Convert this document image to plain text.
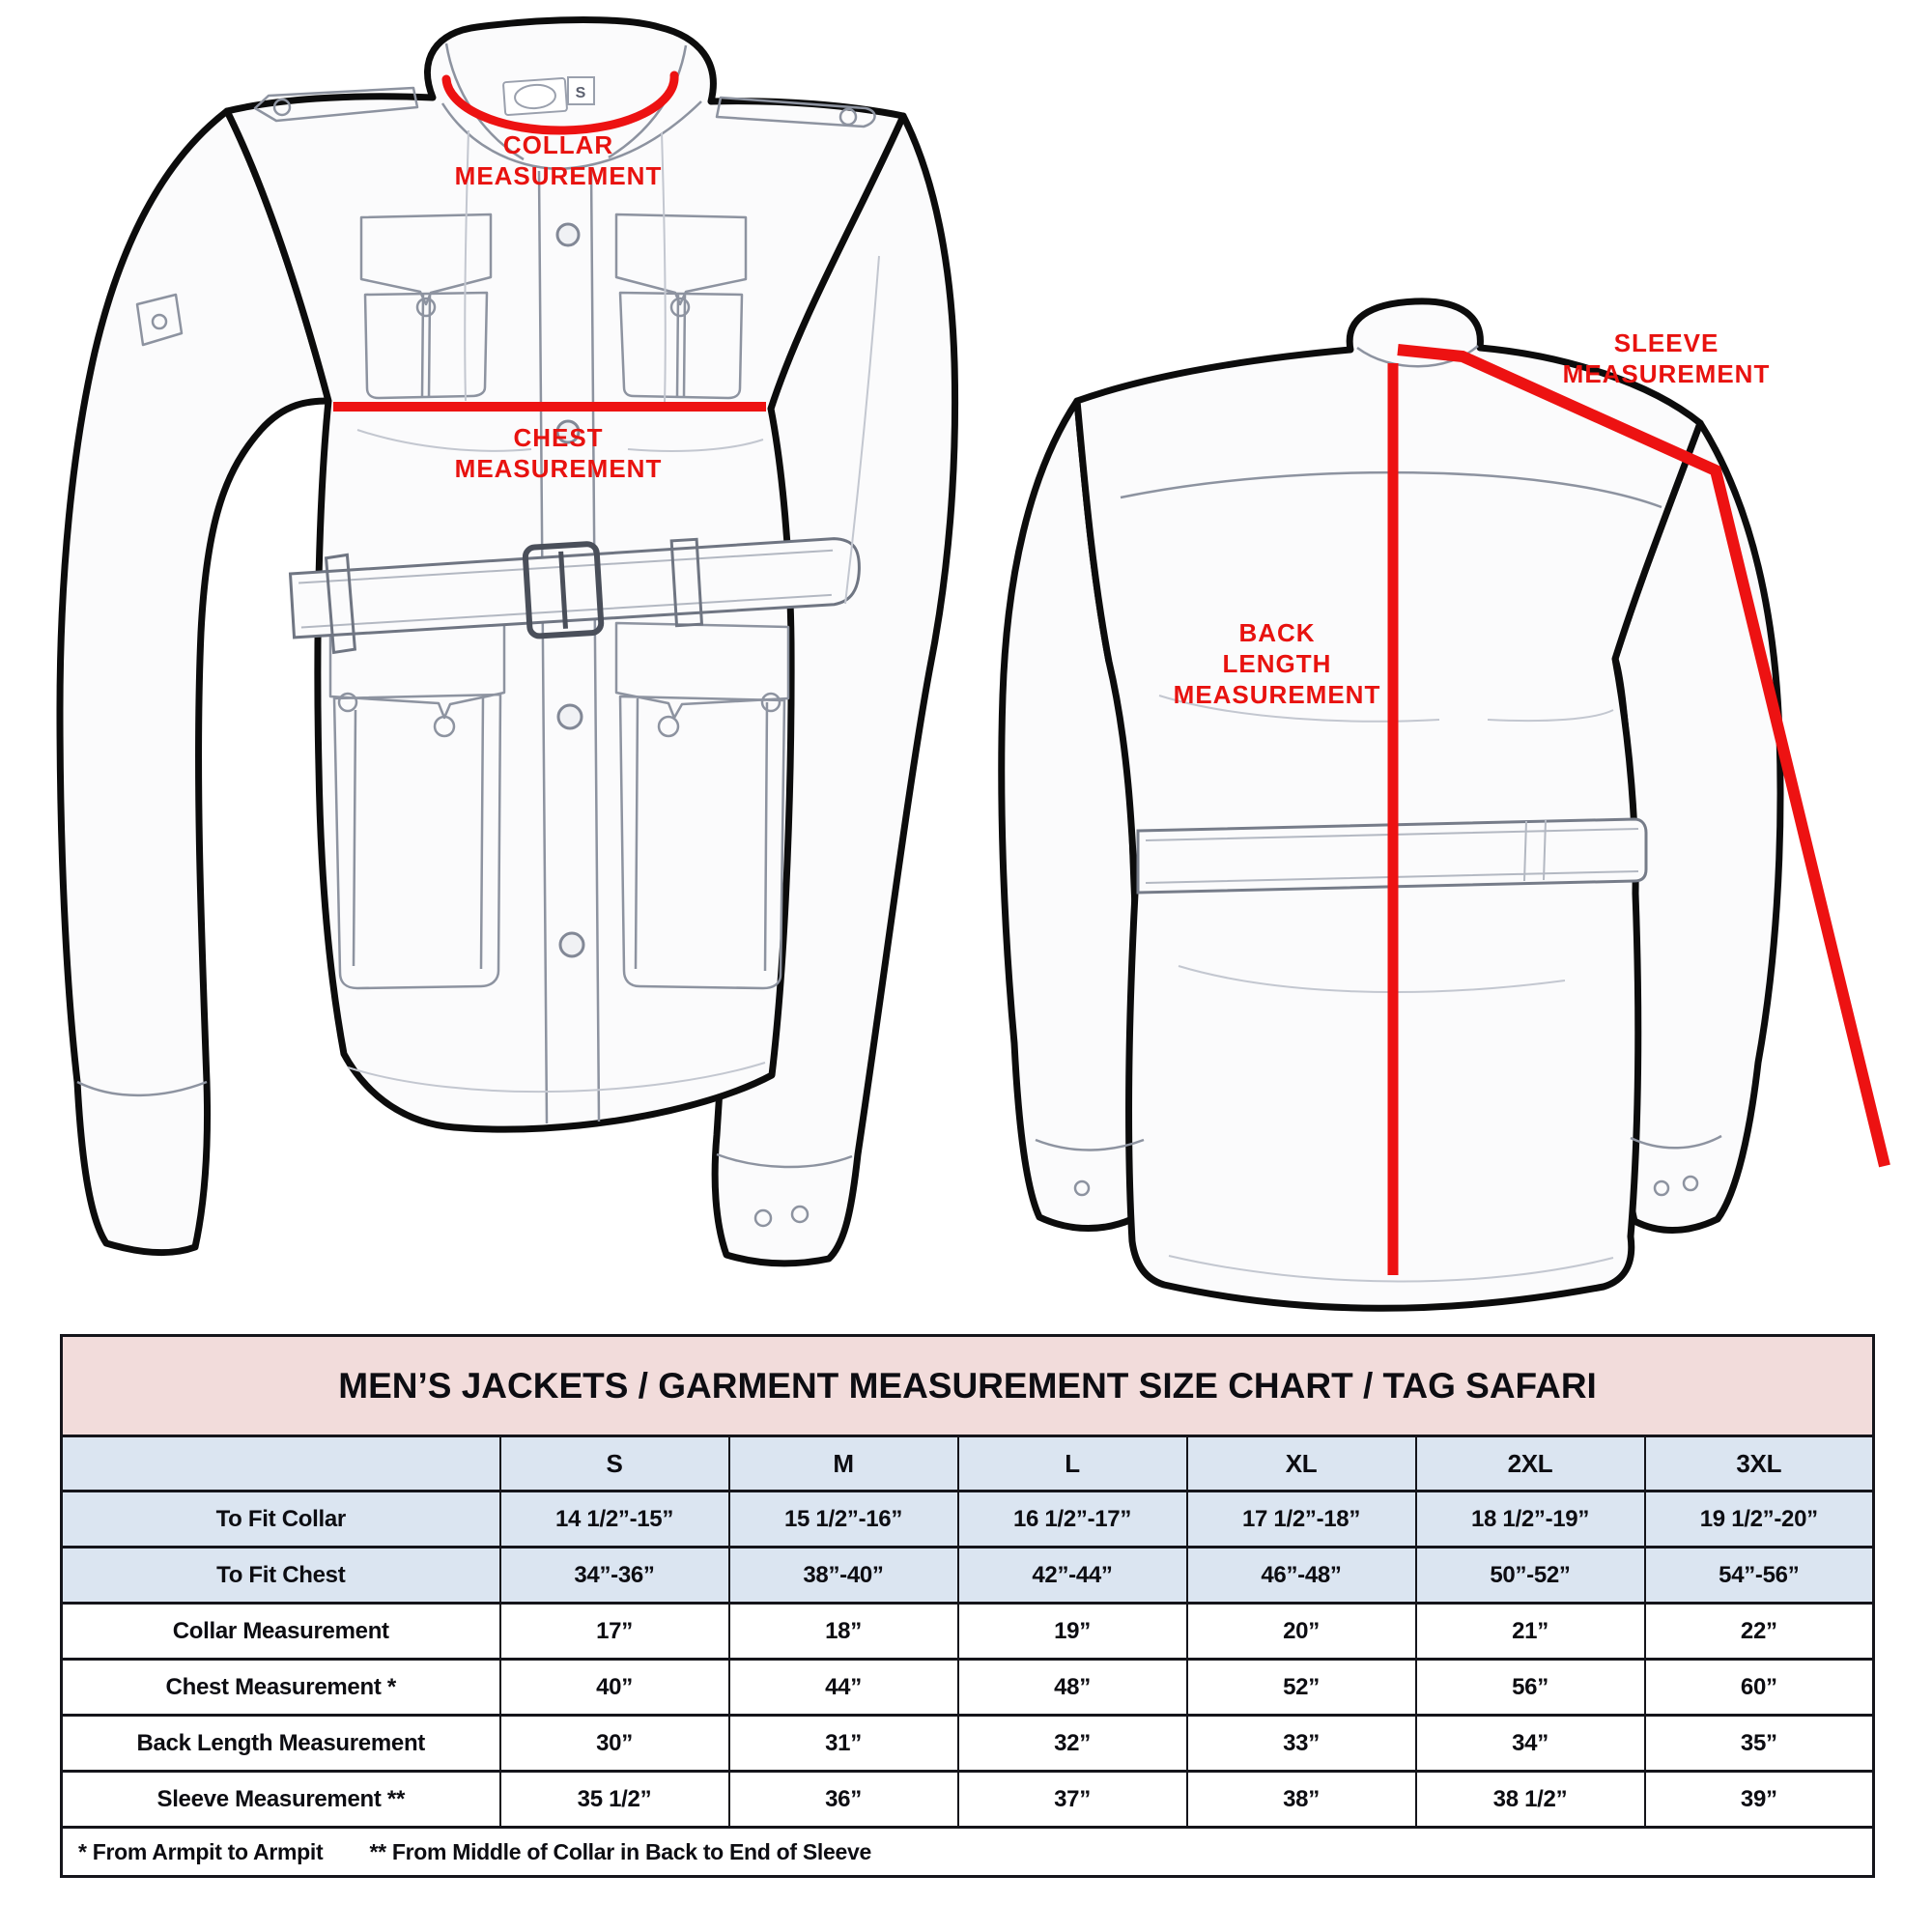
S
COLLAR
MEASUREMENT
CHEST
MEASUREMENT
BACK
LENGTH
MEASUREMENT
SLEEVE
MEASUREMENT
MEN’S JACKETS / GARMENT MEASUREMENT SIZE CHART / TAG SAFARI						
	S	M	L	XL	2XL	3XL
To Fit Collar	14 1/2”-15”	15 1/2”-16”	16 1/2”-17”	17 1/2”-18”	18 1/2”-19”	19 1/2”-20”
To Fit Chest	34”-36”	38”-40”	42”-44”	46”-48”	50”-52”	54”-56”
Collar Measurement	17”	18”	19”	20”	21”	22”
Chest Measurement *	40”	44”	48”	52”	56”	60”
Back Length Measurement	30”	31”	32”	33”	34”	35”
Sleeve Measurement **	35 1/2”	36”	37”	38”	38 1/2”	39”
* From Armpit to Armpit ** From Middle of Collar in Back to End of Sleeve						
